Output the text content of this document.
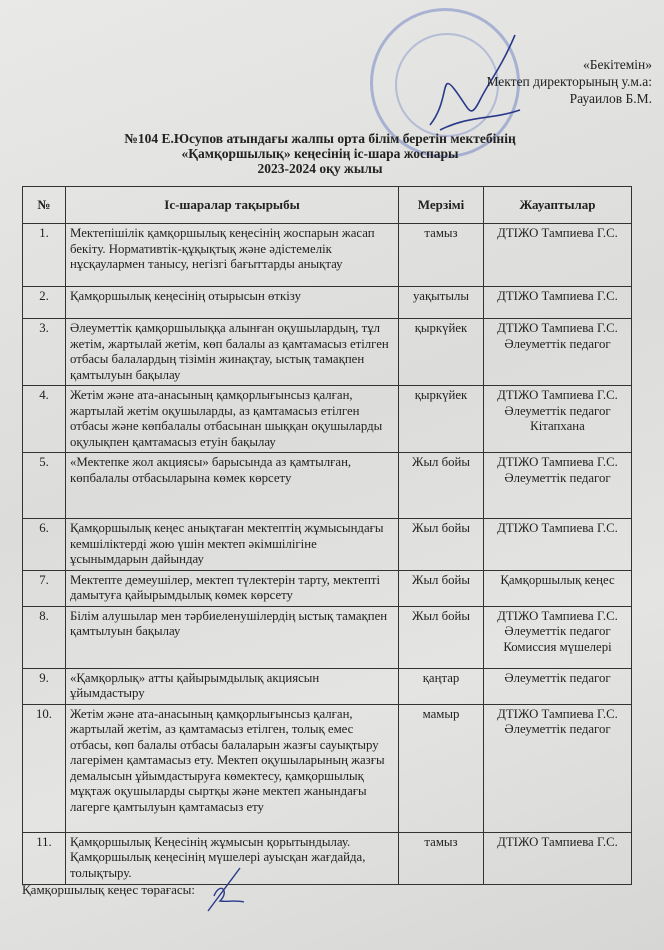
«Бекітемін»
Мектеп директорының у.м.а:
Рауаилов Б.М.
№104 Е.Юсупов атындағы жалпы орта білім беретін мектебінің
«Қамқоршылық» кеңесінің іс-шара жоспары
2023-2024 оқу жылы
№	Іс-шаралар тақырыбы	Мерзімі	Жауаптылар
1.	Мектепішілік қамқоршылық кеңесінің жоспарын жасап бекіту. Нормативтік-құқықтық және әдістемелік нұсқаулармен танысу, негізгі бағыттарды анықтау	тамыз	ДТІЖО Тампиева Г.С.
2.	Қамқоршылық кеңесінің отырысын өткізу	уақытылы	ДТІЖО Тампиева Г.С.
3.	Әлеуметтік қамқоршылыққа алынған оқушылардың, тұл жетім, жартылай жетім, көп балалы аз қамтамасыз етілген отбасы балалардың тізімін жинақтау, ыстық тамақпен қамтылуын бақылау	қыркүйек	ДТІЖО Тампиева Г.С. Әлеуметтік педагог
4.	Жетім және ата-анасының қамқорлығынсыз қалған, жартылай жетім оқушыларды, аз қамтамасыз етілген отбасы және көпбалалы отбасынан шыққан оқушыларды оқулықпен қамтамасыз етуін бақылау	қыркүйек	ДТІЖО Тампиева Г.С. Әлеуметтік педагог Кітапхана
5.	«Мектепке жол акциясы» барысында аз қамтылған, көпбалалы отбасыларына көмек көрсету	Жыл бойы	ДТІЖО Тампиева Г.С. Әлеуметтік педагог
6.	Қамқоршылық кеңес анықтаған мектептің жұмысындағы кемшіліктерді жою үшін мектеп әкімшілігіне ұсынымдарын дайындау	Жыл бойы	ДТІЖО Тампиева Г.С.
7.	Мектепте демеушілер, мектеп түлектерін тарту, мектепті дамытуға қайырымдылық көмек көрсету	Жыл бойы	Қамқоршылық кеңес
8.	Білім алушылар мен тәрбиеленушілердің ыстық тамақпен қамтылуын бақылау	Жыл бойы	ДТІЖО Тампиева Г.С. Әлеуметтік педагог Комиссия мүшелері
9.	«Қамқорлық» атты қайырымдылық акциясын ұйымдастыру	қаңтар	Әлеуметтік педагог
10.	Жетім және ата-анасының қамқорлығынсыз қалған, жартылай жетім, аз қамтамасыз етілген, толық емес отбасы, көп балалы отбасы балаларын жазғы сауықтыру лагерімен қамтамасыз ету. Мектеп оқушыларының жазғы демалысын ұйымдастыруға көмектесу, қамқоршылық мұқтаж оқушыларды сыртқы және мектеп жанындағы лагерге қамтылуын қамтамасыз ету	мамыр	ДТІЖО Тампиева Г.С. Әлеуметтік педагог
11.	Қамқоршылық Кеңесінің жұмысын қорытындылау. Қамқоршылық кеңесінің мүшелері ауысқан жағдайда, толықтыру.	тамыз	ДТІЖО Тампиева Г.С.
Қамқоршылық кеңес төрағасы:
